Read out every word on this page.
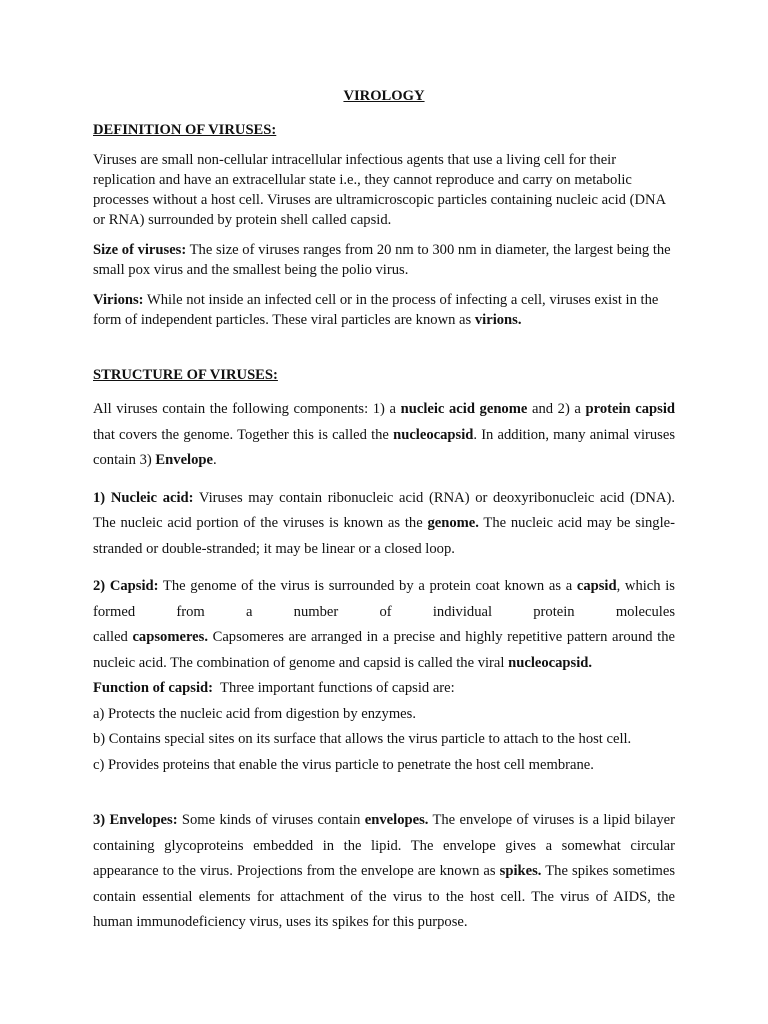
VIROLOGY

DEFINITION OF VIRUSES:

Viruses are small non-cellular intracellular infectious agents that use a living cell for their replication and have an extracellular state i.e., they cannot reproduce and carry on metabolic processes without a host cell. Viruses are ultramicroscopic particles containing nucleic acid (DNA or RNA) surrounded by protein shell called capsid.

Size of viruses: The size of viruses ranges from 20 nm to 300 nm in diameter, the largest being the small pox virus and the smallest being the polio virus.

Virions: While not inside an infected cell or in the process of infecting a cell, viruses exist in the form of independent particles. These viral particles are known as virions.

STRUCTURE OF VIRUSES:

All viruses contain the following components: 1) a nucleic acid genome and 2) a protein capsid that covers the genome. Together this is called the nucleocapsid. In addition, many animal viruses contain 3) Envelope.

1) Nucleic acid: Viruses may contain ribonucleic acid (RNA) or deoxyribonucleic acid (DNA). The nucleic acid portion of the viruses is known as the genome. The nucleic acid may be single-stranded or double-stranded; it may be linear or a closed loop.

2) Capsid: The genome of the virus is surrounded by a protein coat known as a capsid, which is formed from a number of individual protein molecules

called capsomeres. Capsomeres are arranged in a precise and highly repetitive pattern around the nucleic acid. The combination of genome and capsid is called the viral nucleocapsid.

Function of capsid:  Three important functions of capsid are:

a) Protects the nucleic acid from digestion by enzymes.

b) Contains special sites on its surface that allows the virus particle to attach to the host cell.

c) Provides proteins that enable the virus particle to penetrate the host cell membrane.

3) Envelopes: Some kinds of viruses contain envelopes. The envelope of viruses is a lipid bilayer containing glycoproteins embedded in the lipid. The envelope gives a somewhat circular appearance to the virus. Projections from the envelope are known as spikes. The spikes sometimes contain essential elements for attachment of the virus to the host cell. The virus of AIDS, the human immunodeficiency virus, uses its spikes for this purpose.
